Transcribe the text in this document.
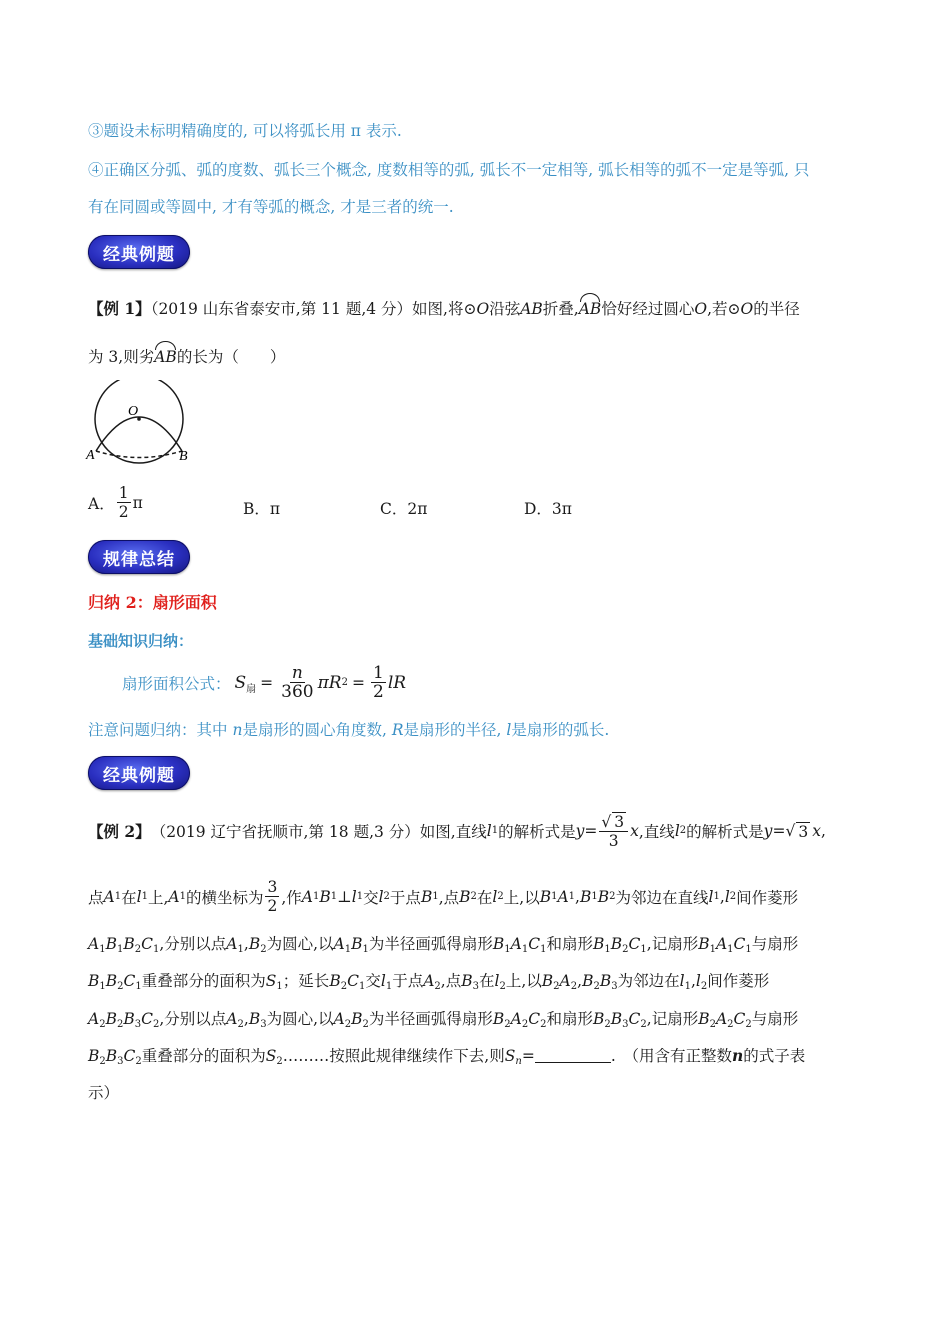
③题设未标明精确度的, 可以将弧长用 π 表示.
④正确区分弧、弧的度数、弧长三个概念, 度数相等的弧, 弧长不一定相等, 弧长相等的弧不一定是等弧, 只
有在同圆或等圆中, 才有等弧的概念, 才是三者的统一.
经典例题
【例 1】（2019 山东省泰安市,第 11 题,4 分）如图,将⊙O沿弦AB折叠,AB恰好经过圆心O,若⊙O的半径
为 3,则劣AB的长为（　　）
O
A	B
A． $\frac{1}{2}$ π	B．π	C．2π	D．3π
规律总结
归纳 2：扇形面积
基础知识归纳：
扇形面积公式： S 扇 = $\frac{n}{360}$ πR $2 = \frac{1}{2}$ lR
注意问题归纳：其中 n是扇形的圆心角度数, R是扇形的半径, l是扇形的弧长.
经典例题
【例 2】 （2019 辽宁省抚顺市,第 18 题,3 分） 如图,直线 l 1 的解析式是 $y = \frac{√ 3}{3}$ x ,直线 l 2 的解析式是 y = √ 3 x ,
点 A 1 在 l 1 上, A 1 的横坐标为 $\frac{3}{2}$ ,作 A 1 B 1 ⊥ l 1 交 l 2 于点 B 1 ,点 B 2 在 l 2 上,以 B 1 A 1 , B 1 B 2 为邻边在直线 l 1 , l 2 间作菱形
$A_1B_1B_2C_1$,分别以点$A_1,B_2$为圆心,以$A_1B_1$为半径画弧得扇形$B_1A_1C_1$和扇形$B_1B_2C_1$,记扇形$B_1A_1C_1$与扇形
$B_1B_2C_1$重叠部分的面积为$S_1$；延长$B_2C_1$交$l_1$于点$A_2$,点$B_3$在$l_2$上,以$B_2A_2,B_2B_3$为邻边在$l_1,l_2$间作菱形
$A_2B_2B_3C_2$,分别以点$A_2,B_3$为圆心,以$A_2B_2$为半径画弧得扇形$B_2A_2C_2$和扇形$B_2B_3C_2$,记扇形$B_2A_2C_2$与扇形
$B_2B_3C_2$重叠部分的面积为$S_2\dots\dots\dots$按照此规律继续作下去,则$S_n=$	.　（用含有正整数n的式子表
示）
